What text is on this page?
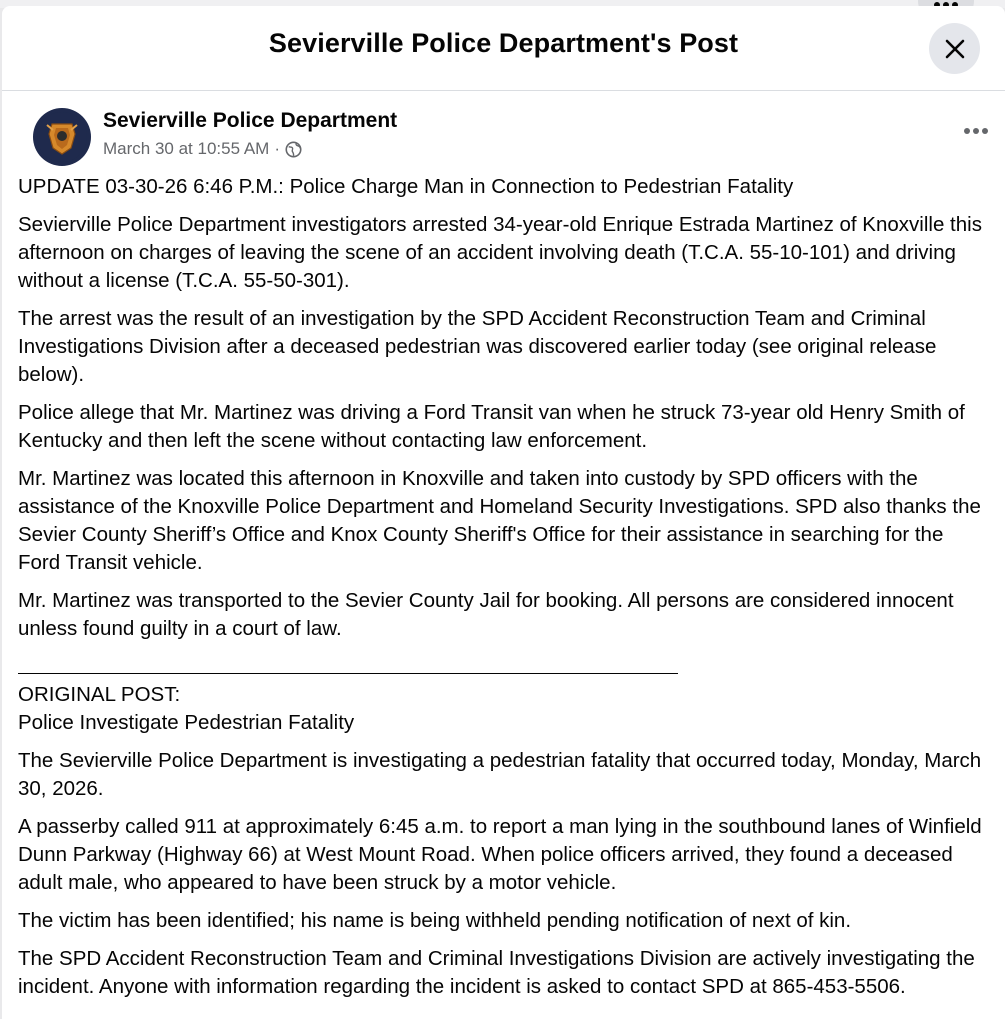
Sevierville Police Department's Post
Sevierville Police Department
March 30 at 10:55 AM ·

UPDATE 03-30-26 6:46 P.M.: Police Charge Man in Connection to Pedestrian Fatality

Sevierville Police Department investigators arrested 34-year-old Enrique Estrada Martinez of Knoxville this afternoon on charges of leaving the scene of an accident involving death (T.C.A. 55-10-101) and driving without a license (T.C.A. 55-50-301).

The arrest was the result of an investigation by the SPD Accident Reconstruction Team and Criminal Investigations Division after a deceased pedestrian was discovered earlier today (see original release below).

Police allege that Mr. Martinez was driving a Ford Transit van when he struck 73-year old Henry Smith of Kentucky and then left the scene without contacting law enforcement.

Mr. Martinez was located this afternoon in Knoxville and taken into custody by SPD officers with the assistance of the Knoxville Police Department and Homeland Security Investigations. SPD also thanks the Sevier County Sheriff’s Office and Knox County Sheriff's Office for their assistance in searching for the Ford Transit vehicle.

Mr. Martinez was transported to the Sevier County Jail for booking. All persons are considered innocent unless found guilty in a court of law.

ORIGINAL POST:
Police Investigate Pedestrian Fatality

The Sevierville Police Department is investigating a pedestrian fatality that occurred today, Monday, March 30, 2026.

A passerby called 911 at approximately 6:45 a.m. to report a man lying in the southbound lanes of Winfield Dunn Parkway (Highway 66) at West Mount Road. When police officers arrived, they found a deceased adult male, who appeared to have been struck by a motor vehicle.

The victim has been identified; his name is being withheld pending notification of next of kin.

The SPD Accident Reconstruction Team and Criminal Investigations Division are actively investigating the incident. Anyone with information regarding the incident is asked to contact SPD at 865-453-5506.
